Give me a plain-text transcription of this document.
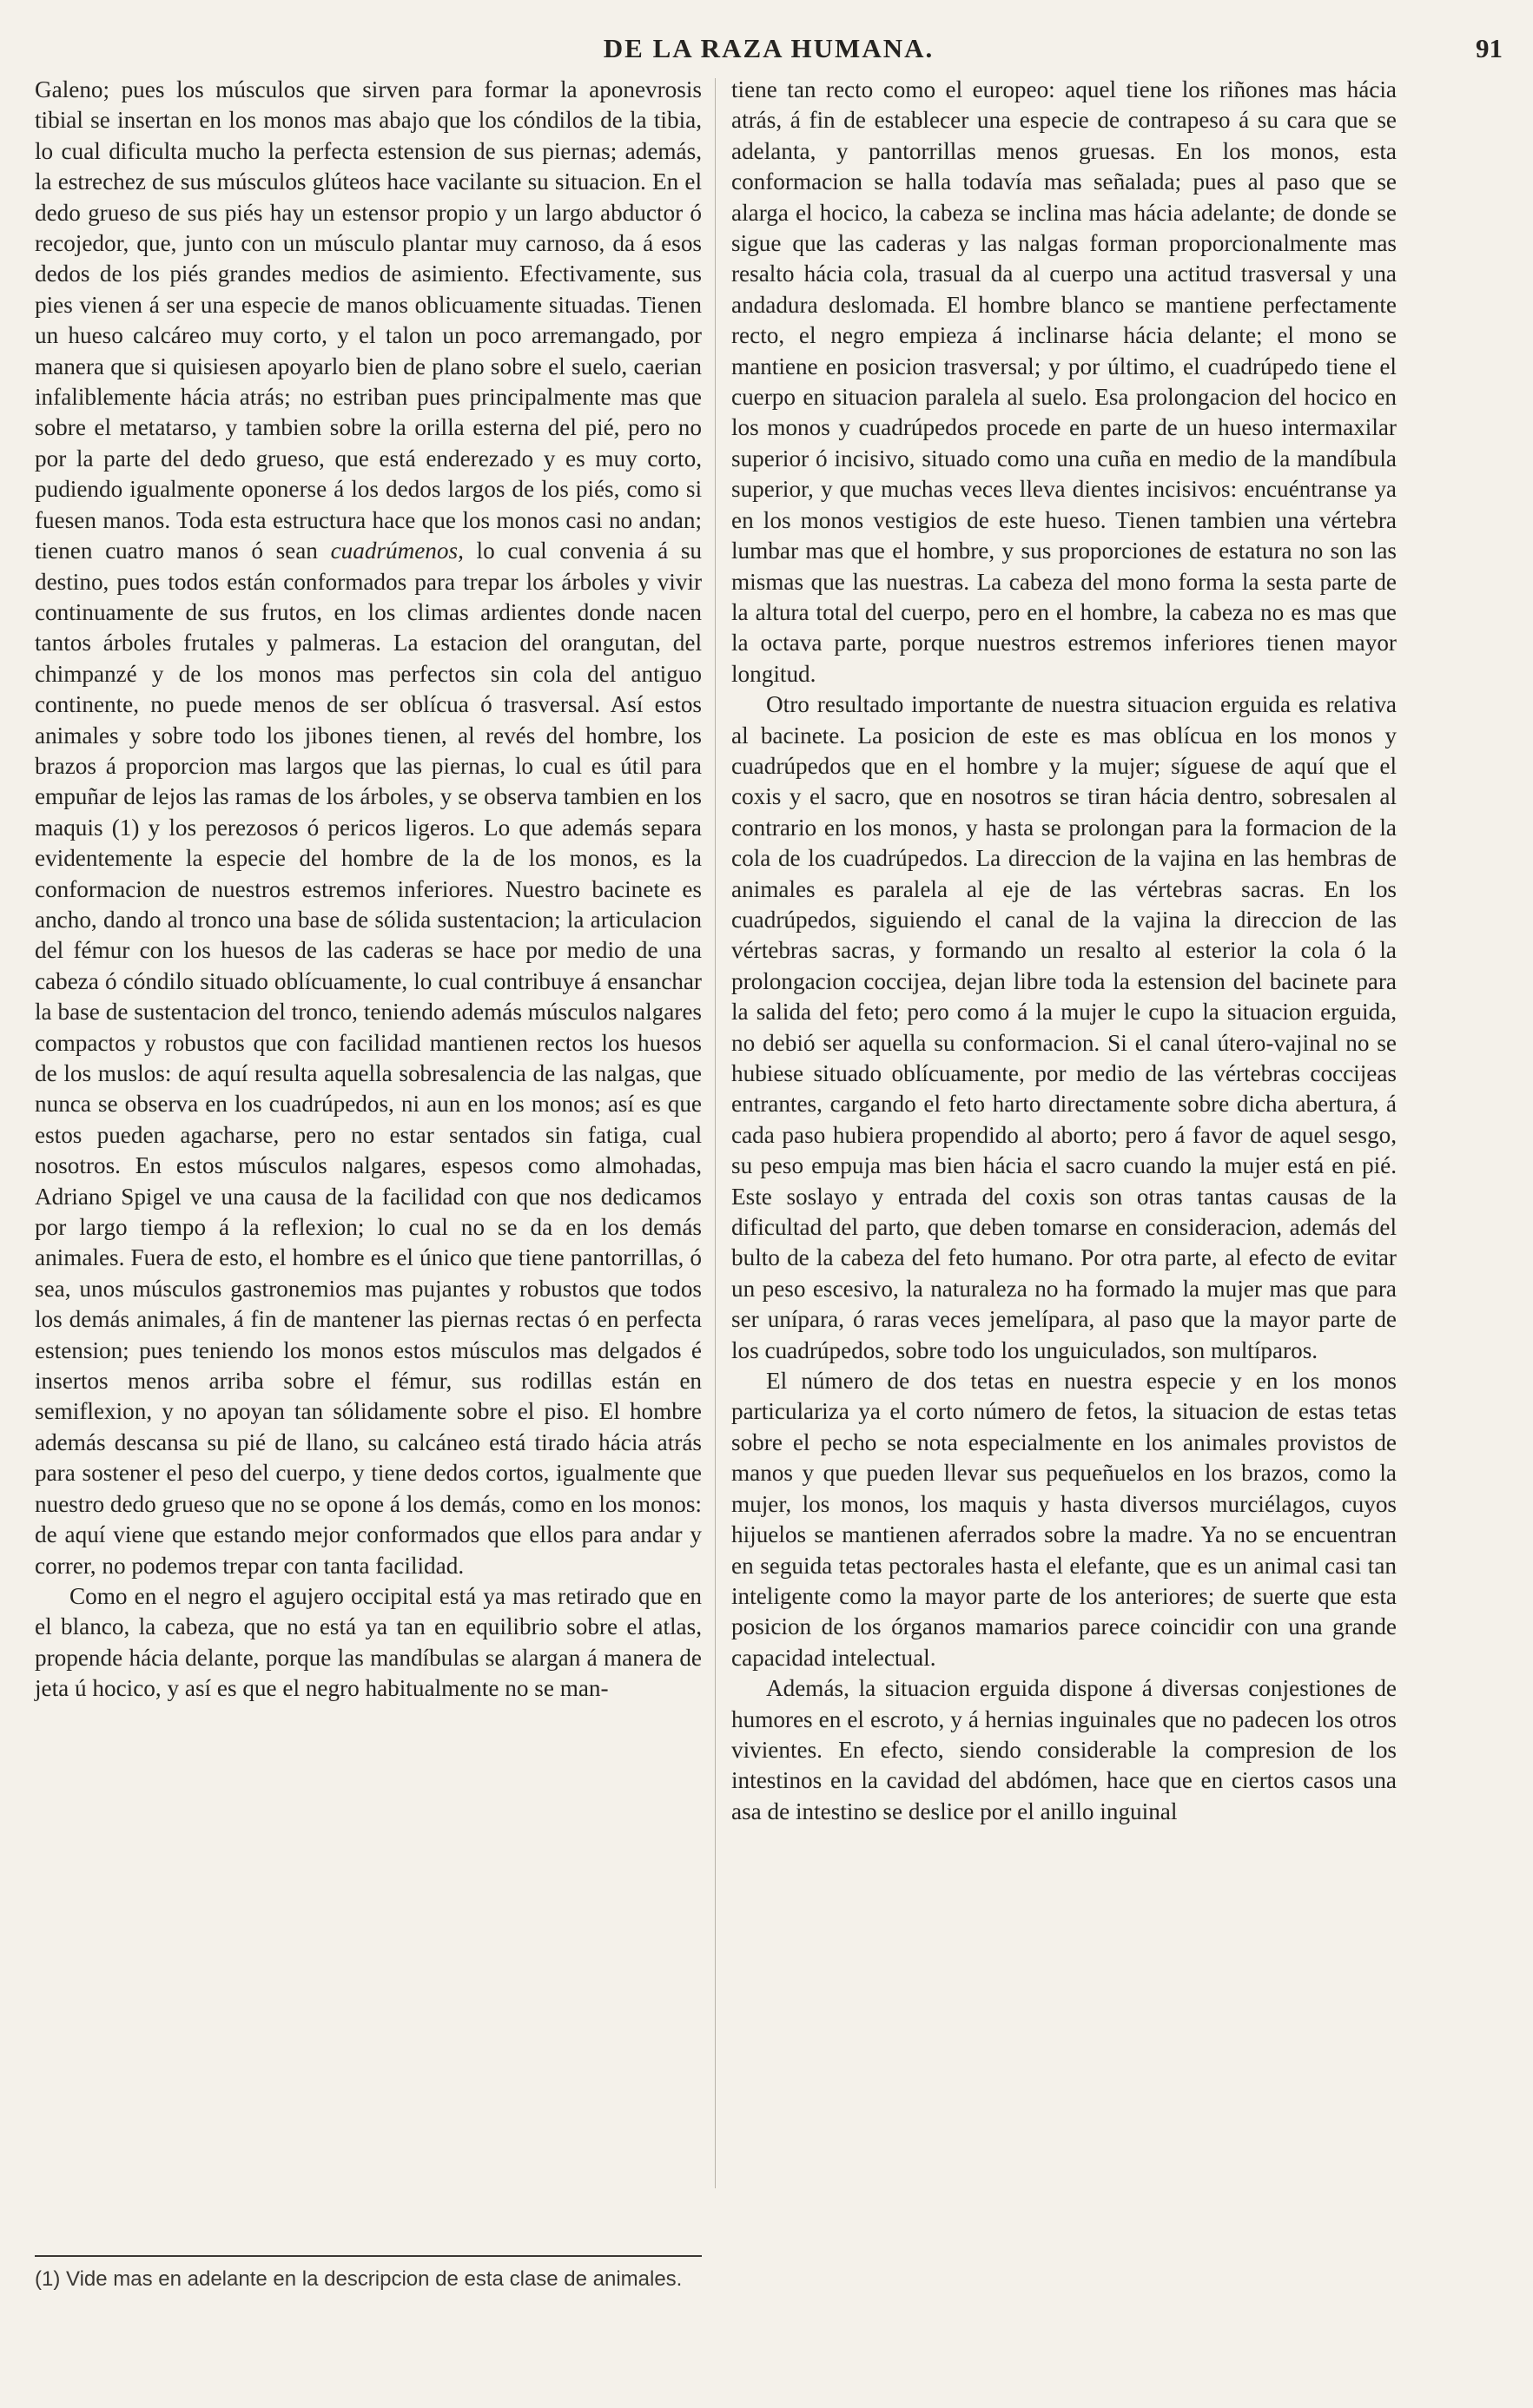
DE LA RAZA HUMANA.	91

Galeno; pues los músculos que sirven para formar la aponevrosis tibial se insertan en los monos mas abajo que los cóndilos de la tibia, lo cual dificulta mucho la perfecta estension de sus piernas; además, la estrechez de sus músculos glúteos hace vacilante su situacion. En el dedo grueso de sus piés hay un estensor propio y un largo abductor ó recojedor, que, junto con un músculo plantar muy carnoso, da á esos dedos de los piés grandes medios de asimiento. Efectivamente, sus pies vienen á ser una especie de manos oblicuamente situadas. Tienen un hueso calcáreo muy corto, y el talon un poco arremangado, por manera que si quisiesen apoyarlo bien de plano sobre el suelo, caerian infaliblemente hácia atrás; no estriban pues principalmente mas que sobre el metatarso, y tambien sobre la orilla esterna del pié, pero no por la parte del dedo grueso, que está enderezado y es muy corto, pudiendo igualmente oponerse á los dedos largos de los piés, como si fuesen manos. Toda esta estructura hace que los monos casi no andan; tienen cuatro manos ó sean cuadrúmenos, lo cual convenia á su destino, pues todos están conformados para trepar los árboles y vivir continuamente de sus frutos, en los climas ardientes donde nacen tantos árboles frutales y palmeras. La estacion del orangutan, del chimpanzé y de los monos mas perfectos sin cola del antiguo continente, no puede menos de ser oblícua ó trasversal. Así estos animales y sobre todo los jibones tienen, al revés del hombre, los brazos á proporcion mas largos que las piernas, lo cual es útil para empuñar de lejos las ramas de los árboles, y se observa tambien en los maquis (1) y los perezosos ó pericos ligeros. Lo que además separa evidentemente la especie del hombre de la de los monos, es la conformacion de nuestros estremos inferiores. Nuestro bacinete es ancho, dando al tronco una base de sólida sustentacion; la articulacion del fémur con los huesos de las caderas se hace por medio de una cabeza ó cóndilo situado oblícuamente, lo cual contribuye á ensanchar la base de sustentacion del tronco, teniendo además músculos nalgares compactos y robustos que con facilidad mantienen rectos los huesos de los muslos: de aquí resulta aquella sobresalencia de las nalgas, que nunca se observa en los cuadrúpedos, ni aun en los monos; así es que estos pueden agacharse, pero no estar sentados sin fatiga, cual nosotros. En estos músculos nalgares, espesos como almohadas, Adriano Spigel ve una causa de la facilidad con que nos dedicamos por largo tiempo á la reflexion; lo cual no se da en los demás animales. Fuera de esto, el hombre es el único que tiene pantorrillas, ó sea, unos músculos gastronemios mas pujantes y robustos que todos los demás animales, á fin de mantener las piernas rectas ó en perfecta estension; pues teniendo los monos estos músculos mas delgados é insertos menos arriba sobre el fémur, sus rodillas están en semiflexion, y no apoyan tan sólidamente sobre el piso. El hombre además descansa su pié de llano, su calcáneo está tirado hácia atrás para sostener el peso del cuerpo, y tiene dedos cortos, igualmente que nuestro dedo grueso que no se opone á los demás, como en los monos: de aquí viene que estando mejor conformados que ellos para andar y correr, no podemos trepar con tanta facilidad.

Como en el negro el agujero occipital está ya mas retirado que en el blanco, la cabeza, que no está ya tan en equilibrio sobre el atlas, propende hácia delante, porque las mandíbulas se alargan á manera de jeta ú hocico, y así es que el negro habitualmente no se man-

tiene tan recto como el europeo: aquel tiene los riñones mas hácia atrás, á fin de establecer una especie de contrapeso á su cara que se adelanta, y pantorrillas menos gruesas. En los monos, esta conformacion se halla todavía mas señalada; pues al paso que se alarga el hocico, la cabeza se inclina mas hácia adelante; de donde se sigue que las caderas y las nalgas forman proporcionalmente mas resalto hácia cola, trasual da al cuerpo una actitud trasversal y una andadura deslomada. El hombre blanco se mantiene perfectamente recto, el negro empieza á inclinarse hácia delante; el mono se mantiene en posicion trasversal; y por último, el cuadrúpedo tiene el cuerpo en situacion paralela al suelo. Esa prolongacion del hocico en los monos y cuadrúpedos procede en parte de un hueso intermaxilar superior ó incisivo, situado como una cuña en medio de la mandíbula superior, y que muchas veces lleva dientes incisivos: encuéntranse ya en los monos vestigios de este hueso. Tienen tambien una vértebra lumbar mas que el hombre, y sus proporciones de estatura no son las mismas que las nuestras. La cabeza del mono forma la sesta parte de la altura total del cuerpo, pero en el hombre, la cabeza no es mas que la octava parte, porque nuestros estremos inferiores tienen mayor longitud.

Otro resultado importante de nuestra situacion erguida es relativa al bacinete. La posicion de este es mas oblícua en los monos y cuadrúpedos que en el hombre y la mujer; síguese de aquí que el coxis y el sacro, que en nosotros se tiran hácia dentro, sobresalen al contrario en los monos, y hasta se prolongan para la formacion de la cola de los cuadrúpedos. La direccion de la vajina en las hembras de animales es paralela al eje de las vértebras sacras. En los cuadrúpedos, siguiendo el canal de la vajina la direccion de las vértebras sacras, y formando un resalto al esterior la cola ó la prolongacion coccijea, dejan libre toda la estension del bacinete para la salida del feto; pero como á la mujer le cupo la situacion erguida, no debió ser aquella su conformacion. Si el canal útero-vajinal no se hubiese situado oblícuamente, por medio de las vértebras coccijeas entrantes, cargando el feto harto directamente sobre dicha abertura, á cada paso hubiera propendido al aborto; pero á favor de aquel sesgo, su peso empuja mas bien hácia el sacro cuando la mujer está en pié. Este soslayo y entrada del coxis son otras tantas causas de la dificultad del parto, que deben tomarse en consideracion, además del bulto de la cabeza del feto humano. Por otra parte, al efecto de evitar un peso escesivo, la naturaleza no ha formado la mujer mas que para ser unípara, ó raras veces jemelípara, al paso que la mayor parte de los cuadrúpedos, sobre todo los unguiculados, son multíparos.

El número de dos tetas en nuestra especie y en los monos particulariza ya el corto número de fetos, la situacion de estas tetas sobre el pecho se nota especialmente en los animales provistos de manos y que pueden llevar sus pequeñuelos en los brazos, como la mujer, los monos, los maquis y hasta diversos murciélagos, cuyos hijuelos se mantienen aferrados sobre la madre. Ya no se encuentran en seguida tetas pectorales hasta el elefante, que es un animal casi tan inteligente como la mayor parte de los anteriores; de suerte que esta posicion de los órganos mamarios parece coincidir con una grande capacidad intelectual.

Además, la situacion erguida dispone á diversas conjestiones de humores en el escroto, y á hernias inguinales que no padecen los otros vivientes. En efecto, siendo considerable la compresion de los intestinos en la cavidad del abdómen, hace que en ciertos casos una asa de intestino se deslice por el anillo inguinal

(1) Vide mas en adelante en la descripcion de esta clase de animales.
